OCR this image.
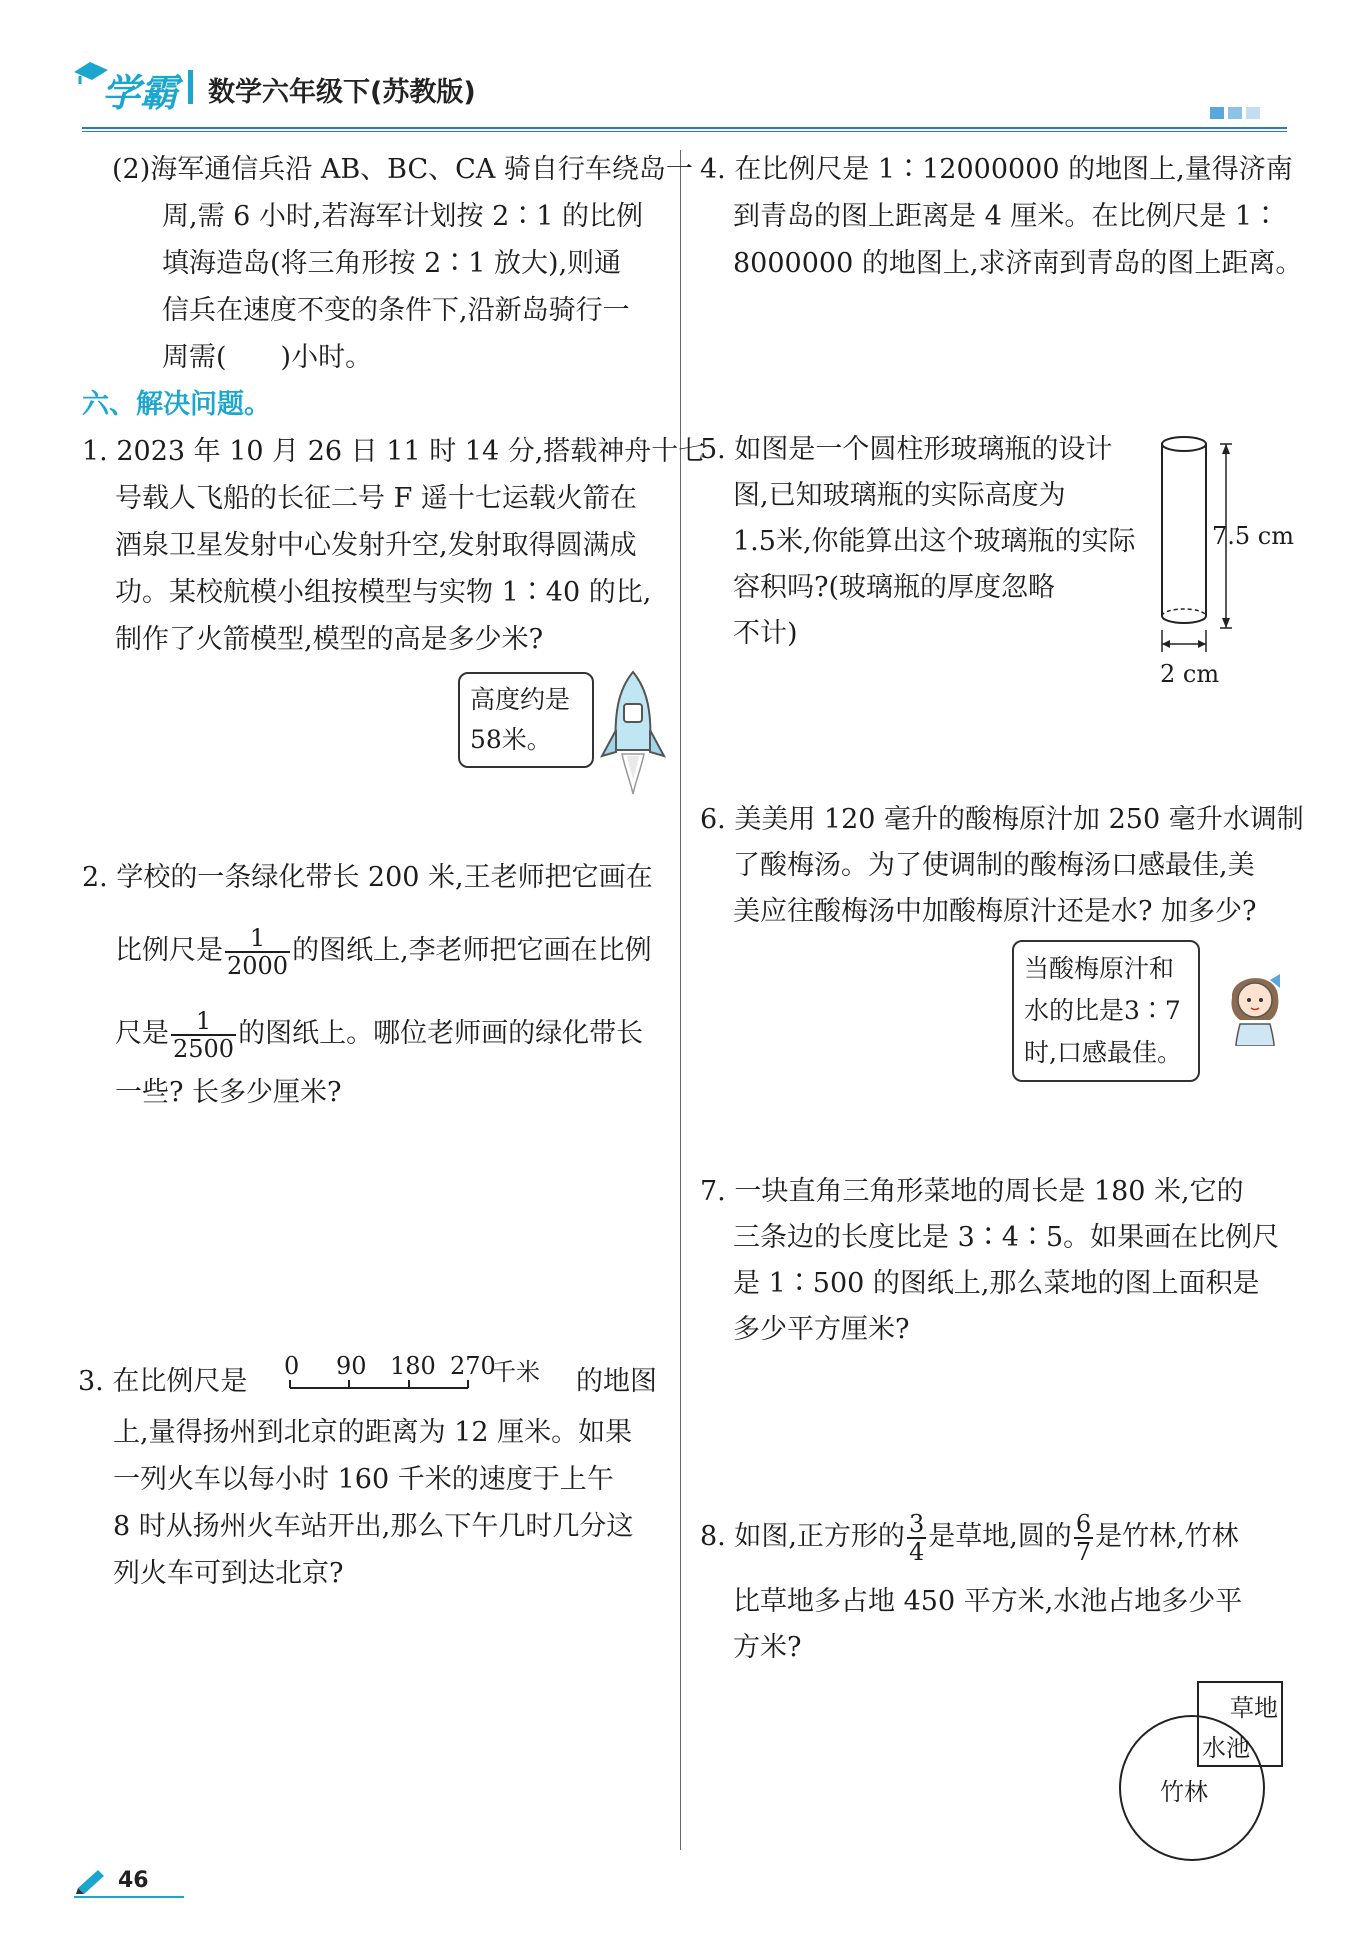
学霸 数学六年级下(苏教版)
(2)海军通信兵沿 AB、BC、CA 骑自行车绕岛一
周,需 6 小时,若海军计划按 2∶1 的比例
填海造岛(将三角形按 2∶1 放大),则通
信兵在速度不变的条件下,沿新岛骑行一
周需(　　)小时。
六、解决问题。
1. 2023 年 10 月 26 日 11 时 14 分,搭载神舟十七
号载人飞船的长征二号 F 遥十七运载火箭在
酒泉卫星发射中心发射升空,发射取得圆满成
功。某校航模小组按模型与实物 1∶40 的比,
制作了火箭模型,模型的高是多少米?
高度约是
58米。
2. 学校的一条绿化带长 200 米,王老师把它画在
比例尺是 $\frac{1}{2000}$ 的图纸上,李老师把它画在比例
尺是 $\frac{1}{2500}$ 的图纸上。哪位老师画的绿化带长
一些? 长多少厘米?
3. 在比例尺是 0 90 180 270
千米 的地图
上,量得扬州到北京的距离为 12 厘米。如果
一列火车以每小时 160 千米的速度于上午
8 时从扬州火车站开出,那么下午几时几分这
列火车可到达北京?
4. 在比例尺是 1∶12000000 的地图上,量得济南
到青岛的图上距离是 4 厘米。在比例尺是 1∶
8000000 的地图上,求济南到青岛的图上距离。
5. 如图是一个圆柱形玻璃瓶的设计
图,已知玻璃瓶的实际高度为
1.5米,你能算出这个玻璃瓶的实际
容积吗?(玻璃瓶的厚度忽略
不计)
7.5 cm
2 cm
6. 美美用 120 毫升的酸梅原汁加 250 毫升水调制
了酸梅汤。为了使调制的酸梅汤口感最佳,美
美应往酸梅汤中加酸梅原汁还是水? 加多少?
当酸梅原汁和
水的比是3∶7
时,口感最佳。
7. 一块直角三角形菜地的周长是 180 米,它的
三条边的长度比是 3∶4∶5。如果画在比例尺
是 1∶500 的图纸上,那么菜地的图上面积是
多少平方厘米?
8. 如图,正方形的 $\frac{3}{4}$ 是草地,圆的 $\frac{6}{7}$ 是竹林,竹林
比草地多占地 450 平方米,水池占地多少平
方米?
草地
水池
竹林
46
